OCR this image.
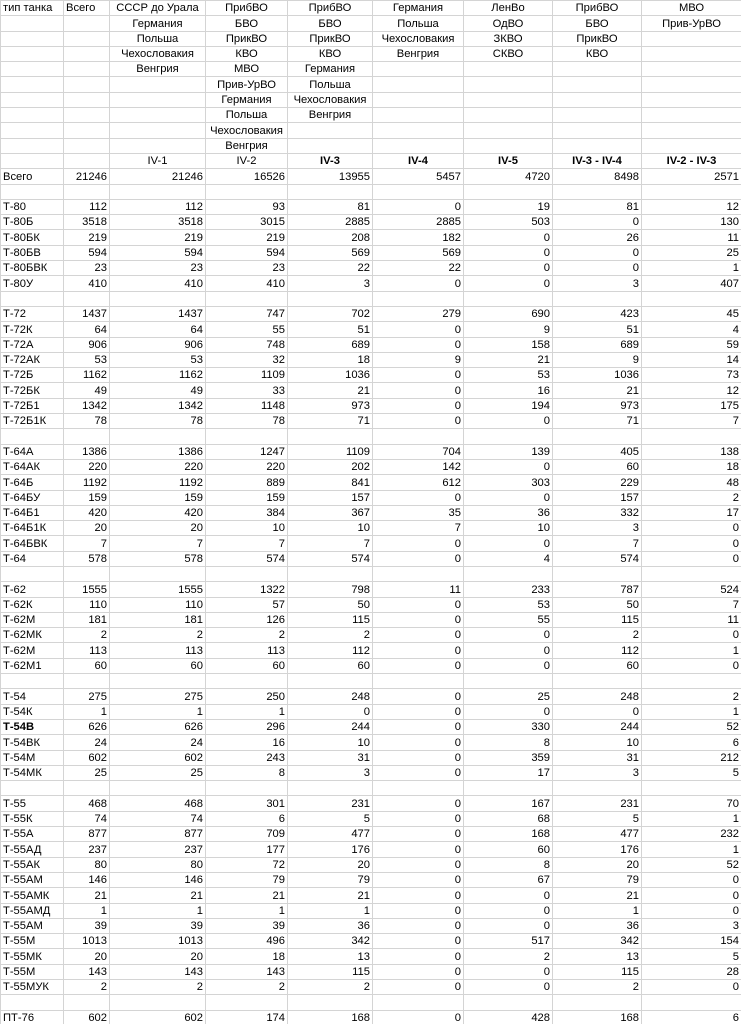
тип танка	Всего	СССР до Урала	ПрибВО	ПрибВО	Германия	ЛенВо	ПрибВО	МВО
		Германия	БВО	БВО	Польша	ОдВО	БВО	Прив-УрВО
		Польша	ПрикВО	ПрикВО	Чехословакия	ЗКВО	ПрикВО	
		Чехословакия	КВО	КВО	Венгрия	СКВО	КВО	
		Венгрия	МВО	Германия				
			Прив-УрВО	Польша				
			Германия	Чехословакия				
			Польша	Венгрия				
			Чехословакия					
			Венгрия					
		IV-1	IV-2	IV-3	IV-4	IV-5	IV-3 - IV-4	IV-2 - IV-3
Всего	21246	21246	16526	13955	5457	4720	8498	2571

Т-80	112	112	93	81	0	19	81	12
Т-80Б	3518	3518	3015	2885	2885	503	0	130
Т-80БК	219	219	219	208	182	0	26	11
Т-80БВ	594	594	594	569	569	0	0	25
Т-80БВК	23	23	23	22	22	0	0	1
Т-80У	410	410	410	3	0	0	3	407

Т-72	1437	1437	747	702	279	690	423	45
Т-72К	64	64	55	51	0	9	51	4
Т-72А	906	906	748	689	0	158	689	59
Т-72АК	53	53	32	18	9	21	9	14
Т-72Б	1162	1162	1109	1036	0	53	1036	73
Т-72БК	49	49	33	21	0	16	21	12
Т-72Б1	1342	1342	1148	973	0	194	973	175
Т-72Б1К	78	78	78	71	0	0	71	7

Т-64А	1386	1386	1247	1109	704	139	405	138
Т-64АК	220	220	220	202	142	0	60	18
Т-64Б	1192	1192	889	841	612	303	229	48
Т-64БУ	159	159	159	157	0	0	157	2
Т-64Б1	420	420	384	367	35	36	332	17
Т-64Б1К	20	20	10	10	7	10	3	0
Т-64БВК	7	7	7	7	0	0	7	0
Т-64	578	578	574	574	0	4	574	0

Т-62	1555	1555	1322	798	11	233	787	524
Т-62К	110	110	57	50	0	53	50	7
Т-62М	181	181	126	115	0	55	115	11
Т-62МК	2	2	2	2	0	0	2	0
Т-62М	113	113	113	112	0	0	112	1
Т-62М1	60	60	60	60	0	0	60	0

Т-54	275	275	250	248	0	25	248	2
Т-54К	1	1	1	0	0	0	0	1
Т-54В	626	626	296	244	0	330	244	52
Т-54ВК	24	24	16	10	0	8	10	6
Т-54М	602	602	243	31	0	359	31	212
Т-54МК	25	25	8	3	0	17	3	5

Т-55	468	468	301	231	0	167	231	70
Т-55К	74	74	6	5	0	68	5	1
Т-55А	877	877	709	477	0	168	477	232
Т-55АД	237	237	177	176	0	60	176	1
Т-55АК	80	80	72	20	0	8	20	52
Т-55АМ	146	146	79	79	0	67	79	0
Т-55АМК	21	21	21	21	0	0	21	0
Т-55АМД	1	1	1	1	0	0	1	0
Т-55АМ	39	39	39	36	0	0	36	3
Т-55М	1013	1013	496	342	0	517	342	154
Т-55МК	20	20	18	13	0	2	13	5
Т-55М	143	143	143	115	0	0	115	28
Т-55МУК	2	2	2	2	0	0	2	0

ПТ-76	602	602	174	168	0	428	168	6
